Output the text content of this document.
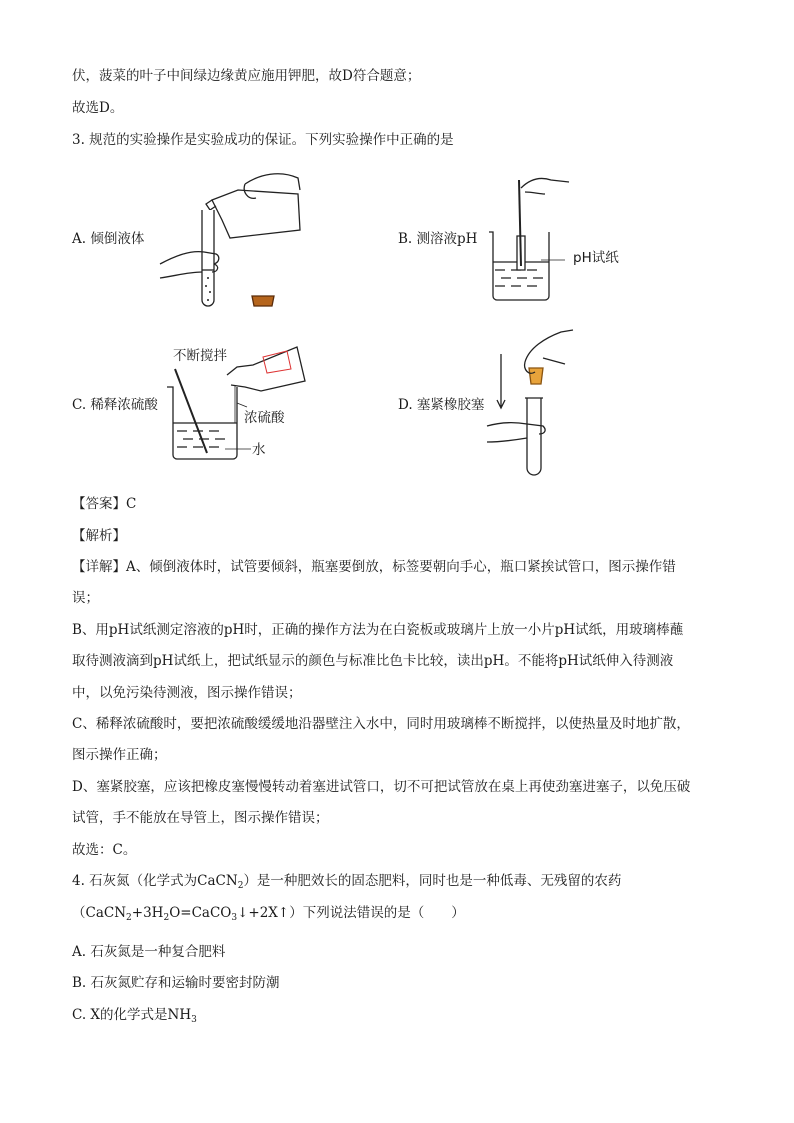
伏，菠菜的叶子中间绿边缘黄应施用钾肥，故D符合题意；
故选D。
3. 规范的实验操作是实验成功的保证。下列实验操作中正确的是
A. 倾倒液体	B. 测溶液pH
pH试纸
C. 稀释浓硫酸
不断搅拌
浓硫酸
水
D. 塞紧橡胶塞
【答案】C
【解析】
【详解】A、倾倒液体时，试管要倾斜，瓶塞要倒放，标签要朝向手心，瓶口紧挨试管口，图示操作错
误；
B、用pH试纸测定溶液的pH时，正确的操作方法为在白瓷板或玻璃片上放一小片pH试纸，用玻璃棒蘸
取待测液滴到pH试纸上，把试纸显示的颜色与标准比色卡比较，读出pH。不能将pH试纸伸入待测液
中，以免污染待测液，图示操作错误；
C、稀释浓硫酸时，要把浓硫酸缓缓地沿器壁注入水中，同时用玻璃棒不断搅拌，以使热量及时地扩散，
图示操作正确；
D、塞紧胶塞，应该把橡皮塞慢慢转动着塞进试管口，切不可把试管放在桌上再使劲塞进塞子，以免压破
试管，手不能放在导管上，图示操作错误；
故选：C。
4. 石灰氮（化学式为CaCN$_2$）是一种肥效长的固态肥料，同时也是一种低毒、无残留的农药
$(CaCN_2+3H_2O=CaCO_3↓+2X↑)$下列说法错误的是（　　）
A. 石灰氮是一种复合肥料
B. 石灰氮贮存和运输时要密封防潮
C. X的化学式是$NH_3$
